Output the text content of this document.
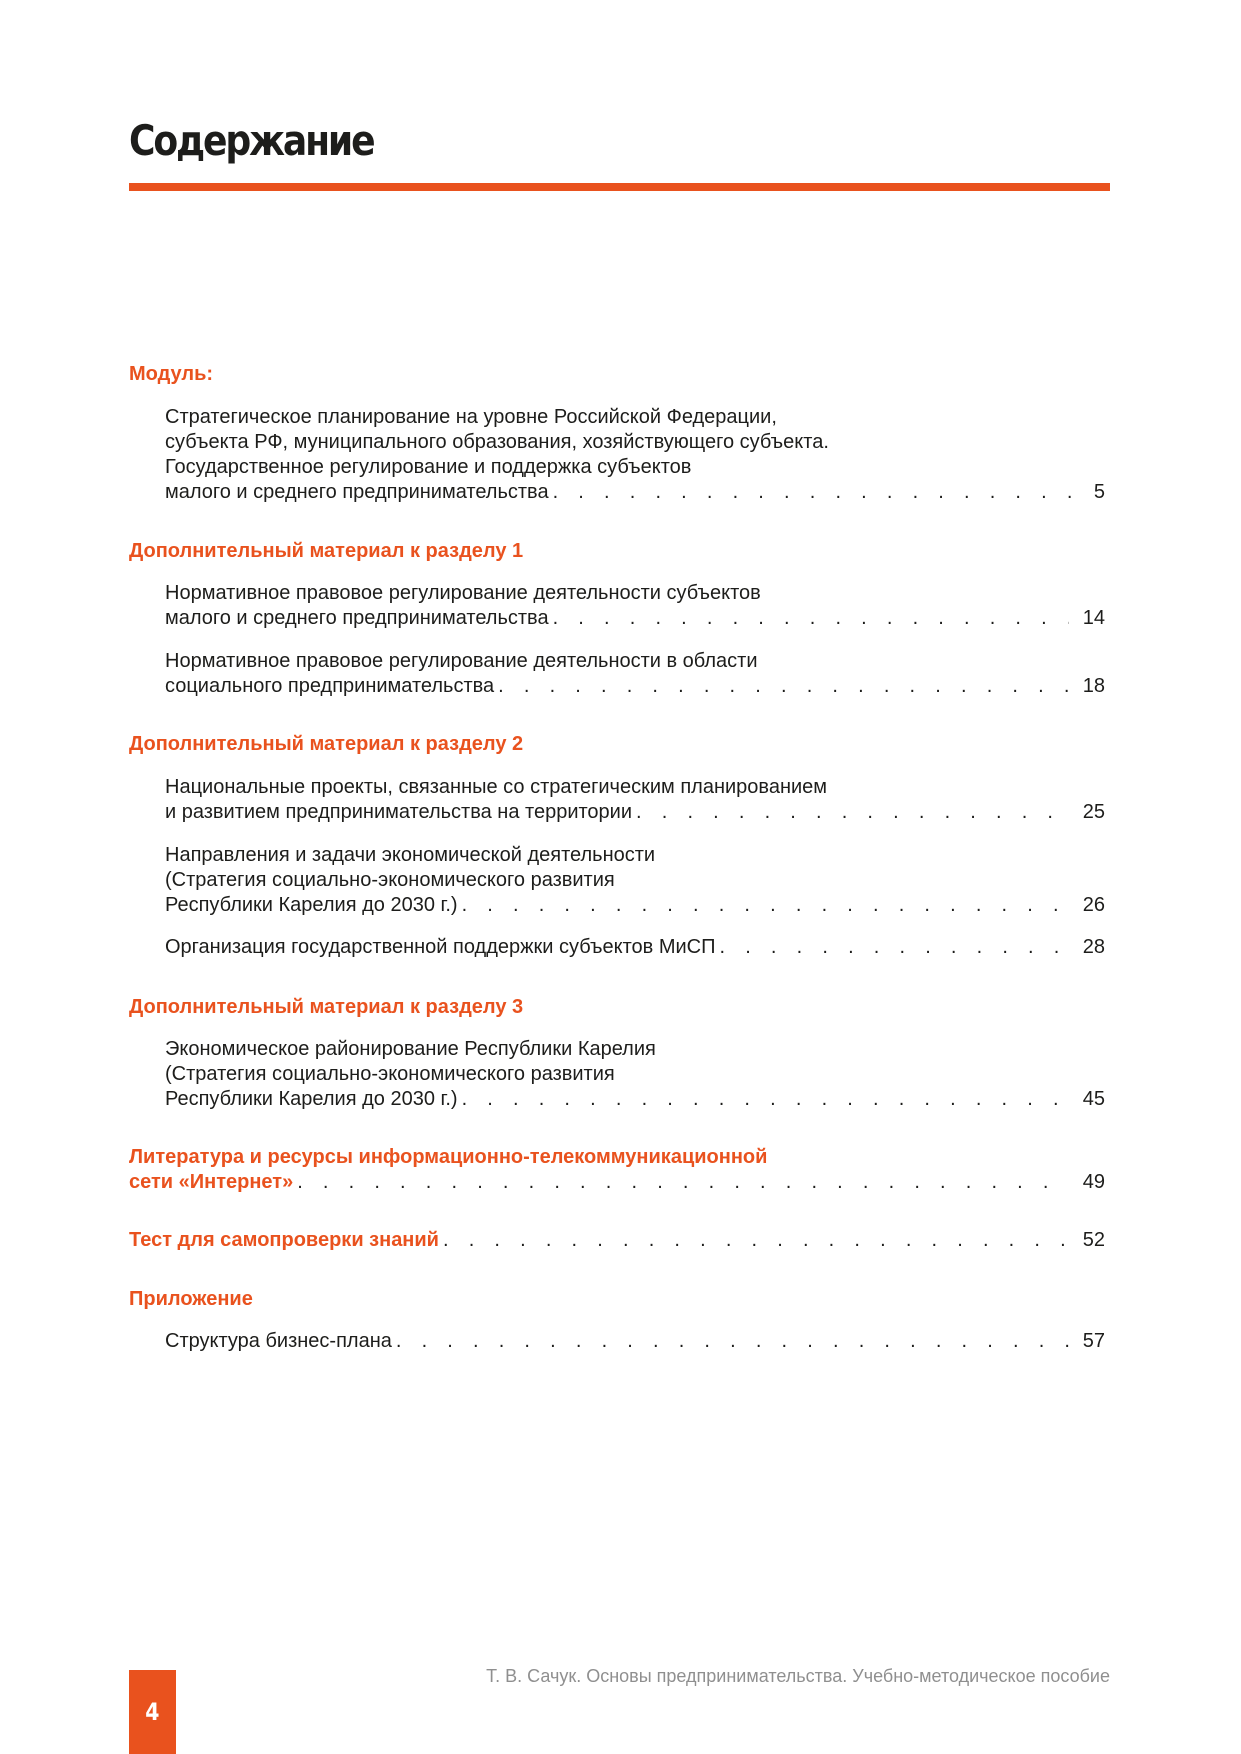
Содержание
Модуль:
Стратегическое планирование на уровне Российской Федерации,
субъекта РФ, муниципального образования, хозяйствующего субъекта.
Государственное регулирование и поддержка субъектов
малого и среднего предпринимательства . . .	5
Дополнительный материал к разделу 1
Нормативное правовое регулирование деятельности субъектов
малого и среднего предпринимательства . . .	14
Нормативное правовое регулирование деятельности в области
социального предпринимательства . . .	18
Дополнительный материал к разделу 2
Национальные проекты, связанные со стратегическим планированием
и развитием предпринимательства на территории . . .	25
Направления и задачи экономической деятельности
(Стратегия социально-экономического развития
Республики Карелия до 2030 г.) . . .	26
Организация государственной поддержки субъектов МиСП . . .	28
Дополнительный материал к разделу 3
Экономическое районирование Республики Карелия
(Стратегия социально-экономического развития
Республики Карелия до 2030 г.) . . .	45
Литература и ресурсы информационно-телекоммуникационной
сети «Интернет» . . .	49
Тест для самопроверки знаний . . .	52
Приложение
Структура бизнес-плана . . .	57
Т. В. Сачук. Основы предпринимательства. Учебно-методическое пособие
4
